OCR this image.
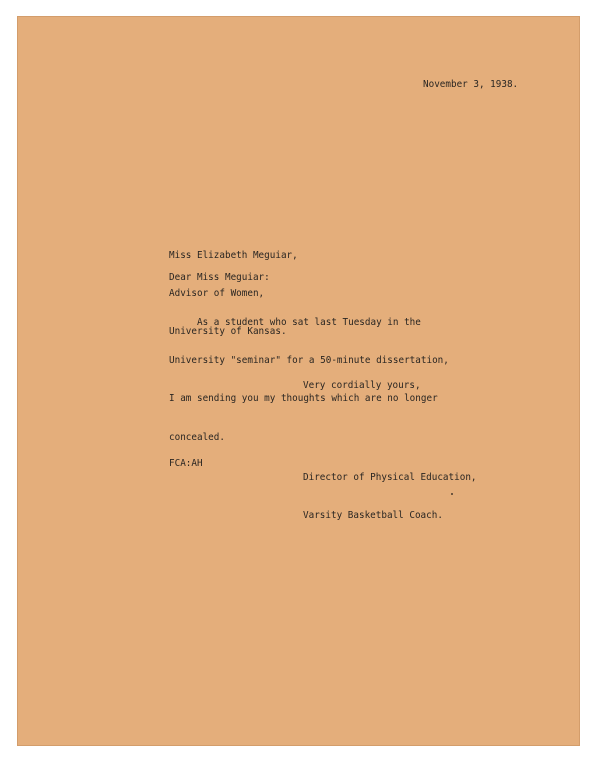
November 3, 1938.

Miss Elizabeth Meguiar,

Advisor of Women,

University of Kansas.

Dear Miss Meguiar:

As a student who sat last Tuesday in the

University "seminar" for a 50-minute dissertation,

I am sending you my thoughts which are no longer

concealed.

Very cordially yours,

Director of Physical Education,

Varsity Basketball Coach.

FCA:AH
